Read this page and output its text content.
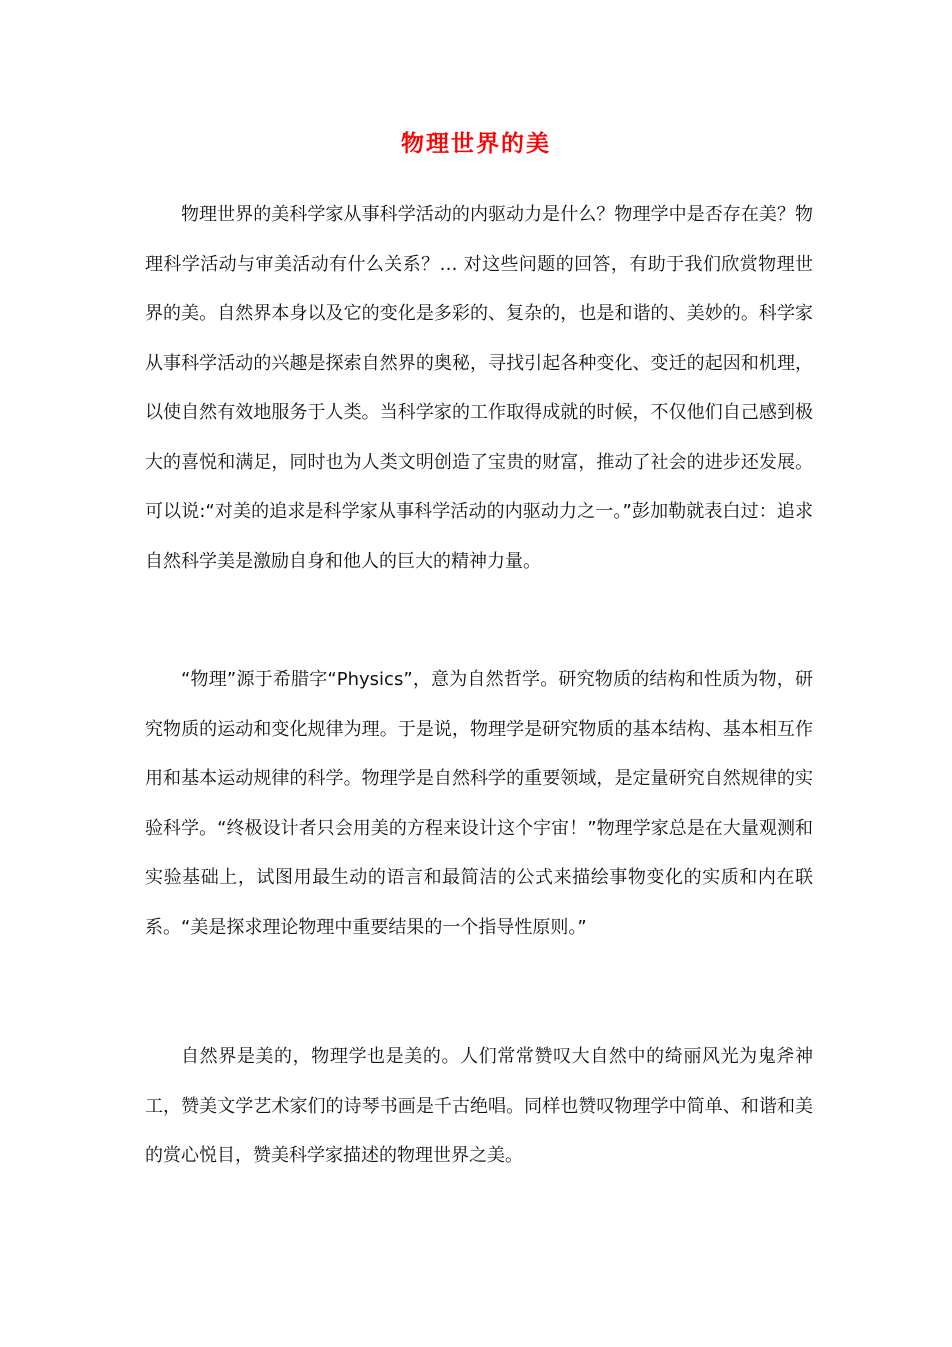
物理世界的美

物理世界的美科学家从事科学活动的内驱动力是什么？物理学中是否存在美？物理科学活动与审美活动有什么关系？… 对这些问题的回答，有助于我们欣赏物理世界的美。自然界本身以及它的变化是多彩的、复杂的，也是和谐的、美妙的。科学家从事科学活动的兴趣是探索自然界的奥秘，寻找引起各种变化、变迁的起因和机理，以使自然有效地服务于人类。当科学家的工作取得成就的时候，不仅他们自己感到极大的喜悦和满足，同时也为人类文明创造了宝贵的财富，推动了社会的进步还发展。可以说:“对美的追求是科学家从事科学活动的内驱动力之一。”彭加勒就表白过：追求自然科学美是激励自身和他人的巨大的精神力量。

“物理”源于希腊字“Physics”，意为自然哲学。研究物质的结构和性质为物，研究物质的运动和变化规律为理。于是说，物理学是研究物质的基本结构、基本相互作用和基本运动规律的科学。物理学是自然科学的重要领域，是定量研究自然规律的实验科学。“终极设计者只会用美的方程来设计这个宇宙！”物理学家总是在大量观测和实验基础上，试图用最生动的语言和最简洁的公式来描绘事物变化的实质和内在联系。“美是探求理论物理中重要结果的一个指导性原则。”

自然界是美的，物理学也是美的。人们常常赞叹大自然中的绮丽风光为鬼斧神工，赞美文学艺术家们的诗琴书画是千古绝唱。同样也赞叹物理学中简单、和谐和美的赏心悦目，赞美科学家描述的物理世界之美。
